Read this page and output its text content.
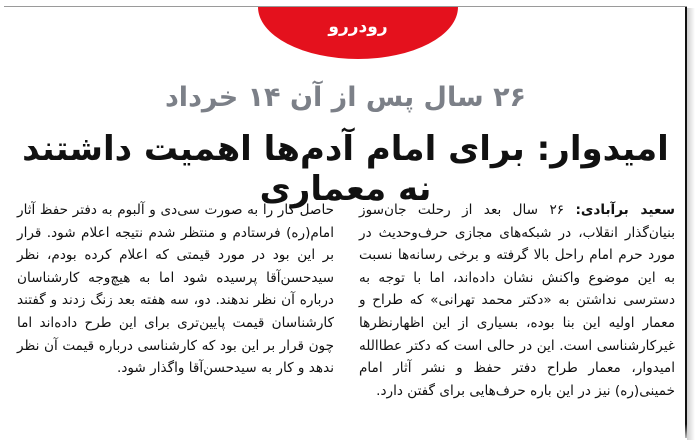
رودررو
۲۶ سال پس از آن ۱۴ خرداد
امیدوار: برای امام آدم‌ها اهمیت داشتند نه معماری

سعید برآبادی: ۲۶ سال بعد از رحلت جان‌سوز بنیان‌گذار انقلاب، در شبکه‌های مجازی حرف‌وحدیث در مورد حرم امام راحل بالا گرفته و برخی رسانه‌ها نسبت به این موضوع واکنش نشان داده‌اند، اما با توجه به دسترسی نداشتن به «دکتر محمد تهرانی» که طراح و معمار اولیه این بنا بوده، بسیاری از این اظهارنظرها غیرکارشناسی است. این در حالی است که دکتر عطاالله امیدوار، معمار طراح دفتر حفظ و نشر آثار امام خمینی(ره) نیز در این باره حرف‌هایی برای گفتن دارد.

حاصل کار را به صورت سی‌دی و آلبوم به دفتر حفظ آثار امام(ره) فرستادم و منتظر شدم نتیجه اعلام شود. قرار بر این بود در مورد قیمتی که اعلام کرده بودم، نظر سیدحسن‌آقا پرسیده شود اما به هیچ‌وجه کارشناسان درباره آن نظر ندهند. دو، سه هفته بعد زنگ زدند و گفتند کارشناسان قیمت پایین‌تری برای این طرح داده‌اند اما چون قرار بر این بود که کارشناسی درباره قیمت آن نظر ندهد و کار به سیدحسن‌آقا واگذار شود.
